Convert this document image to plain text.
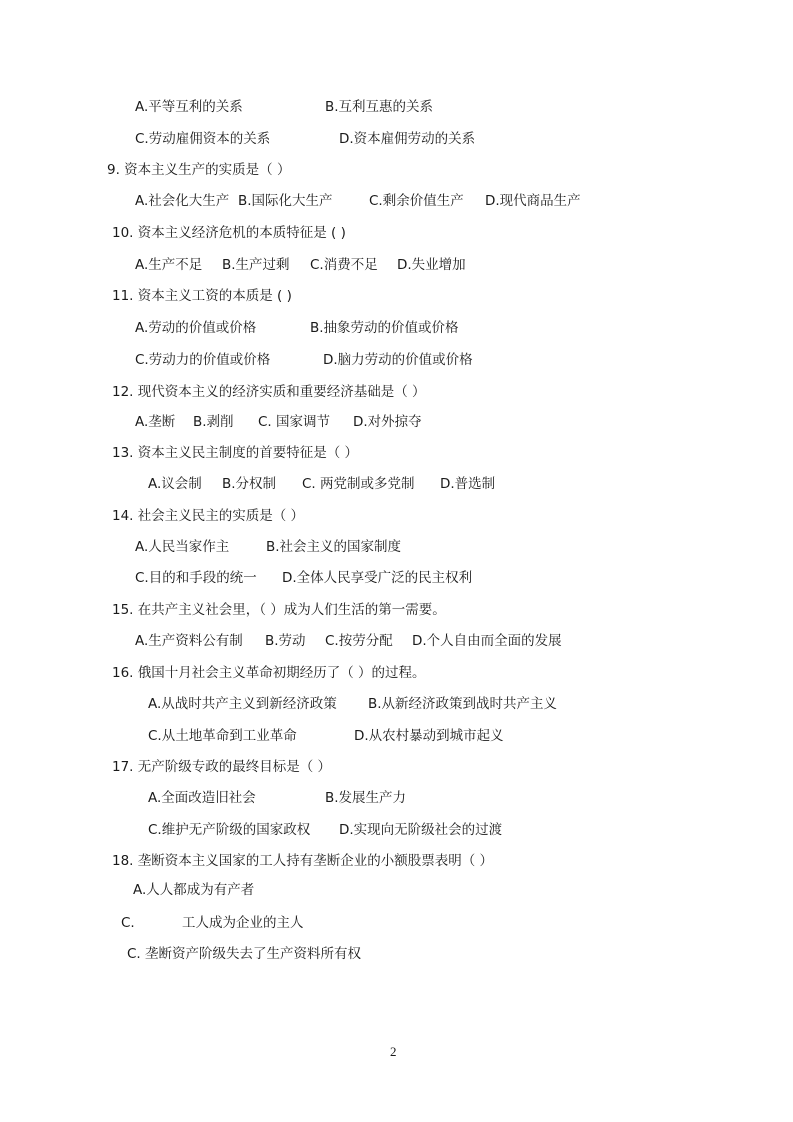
A.平等互利的关系	B.互利互惠的关系
C.劳动雇佣资本的关系	D.资本雇佣劳动的关系
9. 资本主义生产的实质是（ ）
A.社会化大生产 B.国际化大生产	C.剩余价值生产 D.现代商品生产
10. 资本主义经济危机的本质特征是 ( )
A.生产不足 B.生产过剩 C.消费不足 D.失业增加
11. 资本主义工资的本质是 ( )
A.劳动的价值或价格	B.抽象劳动的价值或价格
C.劳动力的价值或价格	D.脑力劳动的价值或价格
12. 现代资本主义的经济实质和重要经济基础是（ ）
A.垄断 B.剥削 C. 国家调节 D.对外掠夺
13. 资本主义民主制度的首要特征是（ ）
A.议会制 B.分权制 C. 两党制或多党制 D.普选制
14. 社会主义民主的实质是（ ）
A.人民当家作主	B.社会主义的国家制度
C.目的和手段的统一 D.全体人民享受广泛的民主权利
15. 在共产主义社会里，（ ）成为人们生活的第一需要。
A.生产资料公有制 B.劳动 C.按劳分配 D.个人自由而全面的发展
16. 俄国十月社会主义革命初期经历了（ ）的过程。
A.从战时共产主义到新经济政策 B.从新经济政策到战时共产主义
C.从土地革命到工业革命	D.从农村暴动到城市起义
17. 无产阶级专政的最终目标是（ ）
A.全面改造旧社会	B.发展生产力
C.维护无产阶级的国家政权 D.实现向无阶级社会的过渡
18. 垄断资本主义国家的工人持有垄断企业的小额股票表明（ ）
A.人人都成为有产者
C.	工人成为企业的主人
C. 垄断资产阶级失去了生产资料所有权
2
